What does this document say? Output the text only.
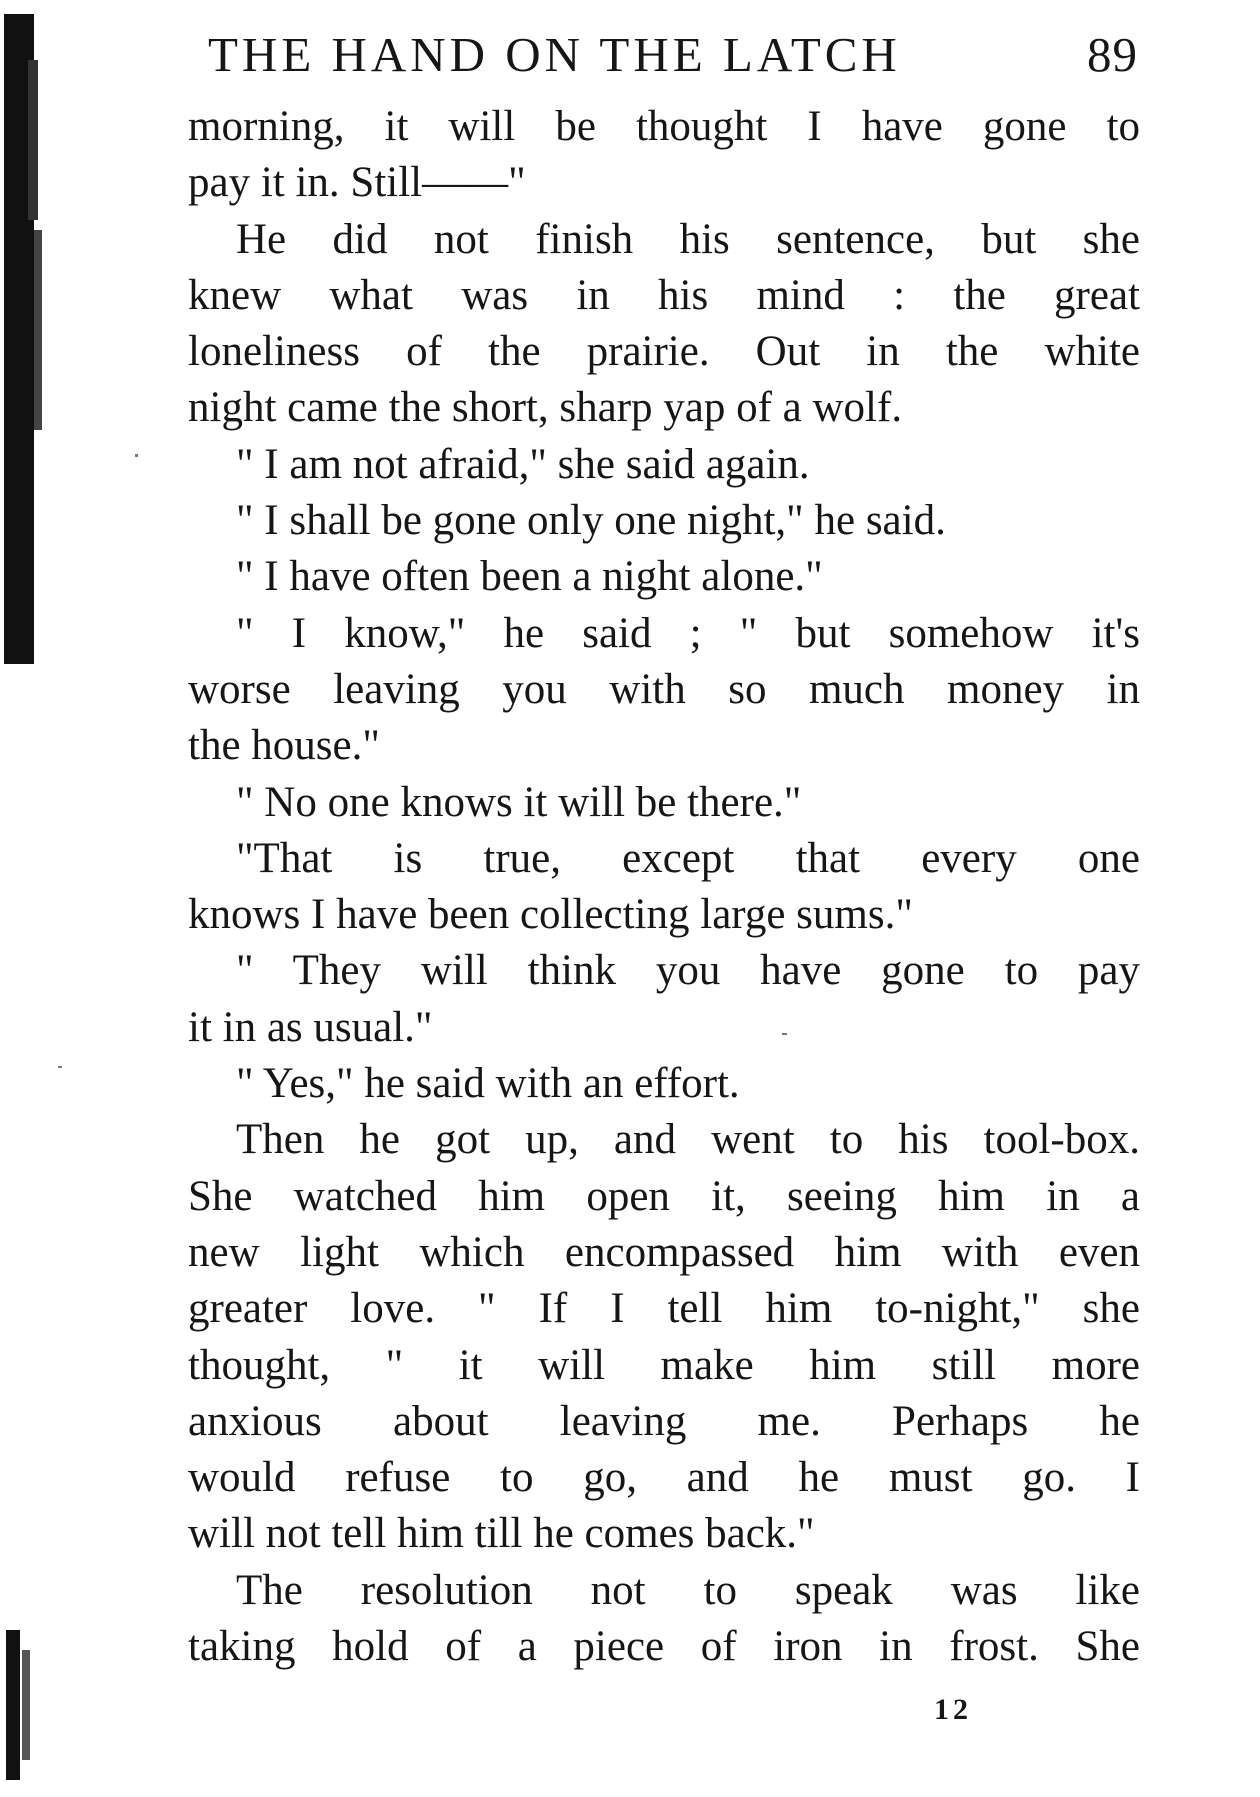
THE HAND ON THE LATCH	89
morning, it will be thought I have gone to
pay it in. Still——"
He did not finish his sentence, but she
knew what was in his mind : the great
loneliness of the prairie. Out in the white
night came the short, sharp yap of a wolf.
" I am not afraid," she said again.
" I shall be gone only one night," he said.
" I have often been a night alone."
" I know," he said ; " but somehow it's
worse leaving you with so much money in
the house."
" No one knows it will be there."
"That is true, except that every one
knows I have been collecting large sums."
" They will think you have gone to pay
it in as usual."
" Yes," he said with an effort.
Then he got up, and went to his tool-box.
She watched him open it, seeing him in a
new light which encompassed him with even
greater love. " If I tell him to-night," she
thought, " it will make him still more
anxious about leaving me. Perhaps he
would refuse to go, and he must go. I
will not tell him till he comes back."
The resolution not to speak was like
taking hold of a piece of iron in frost. She
12
